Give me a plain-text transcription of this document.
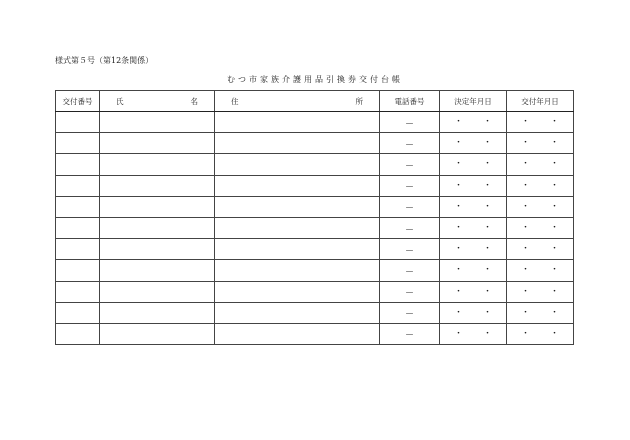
様式第５号（第12条関係）
むつ市家族介護用品引換券交付台帳
交付番号	氏 名	住 所	電話番号	決定年月日	交付年月日
			—	・ ・	・ ・

			—	・ ・	・ ・

			—	・ ・	・ ・

			—	・ ・	・ ・

			—	・ ・	・ ・

			—	・ ・	・ ・

			—	・ ・	・ ・

			—	・ ・	・ ・

			—	・ ・	・ ・

			—	・ ・	・ ・

			—	・ ・	・ ・
